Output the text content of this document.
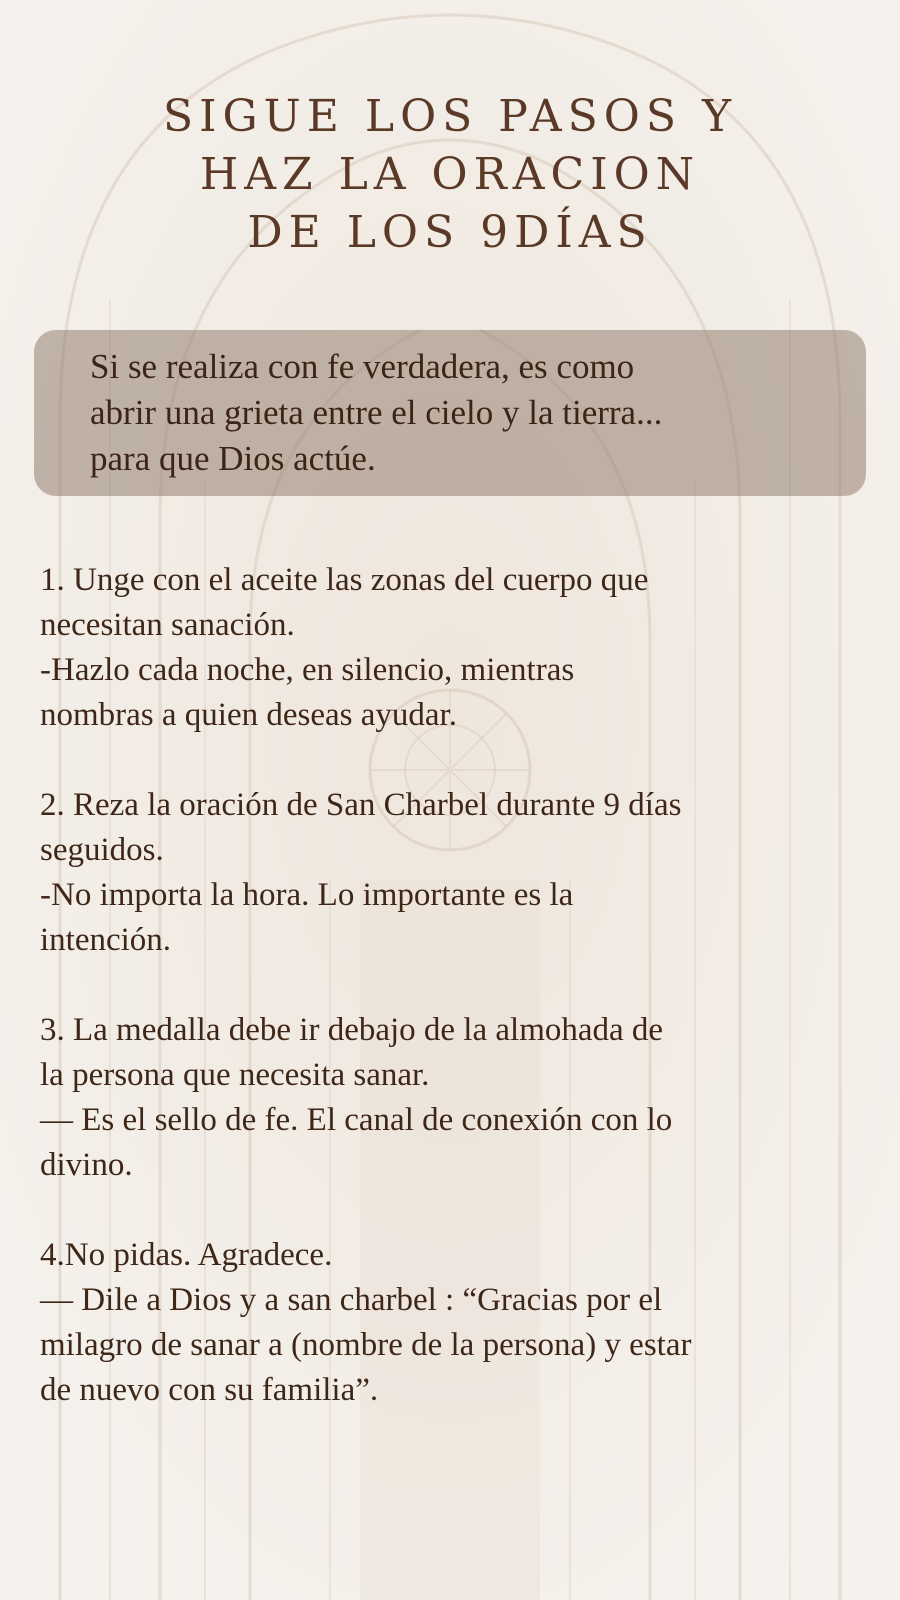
SIGUE LOS PASOS Y
HAZ LA ORACION
DE LOS 9DÍAS
Si se realiza con fe verdadera, es como
abrir una grieta entre el cielo y la tierra...
para que Dios actúe.
1. Unge con el aceite las zonas del cuerpo que
necesitan sanación.
-Hazlo cada noche, en silencio, mientras
nombras a quien deseas ayudar.
2. Reza la oración de San Charbel durante 9 días
seguidos.
-No importa la hora. Lo importante es la
intención.
3. La medalla debe ir debajo de la almohada de
la persona que necesita sanar.
— Es el sello de fe. El canal de conexión con lo
divino.
4.No pidas. Agradece.
— Dile a Dios y a san charbel : “Gracias por el
milagro de sanar a (nombre de la persona) y estar
de nuevo con su familia”.
